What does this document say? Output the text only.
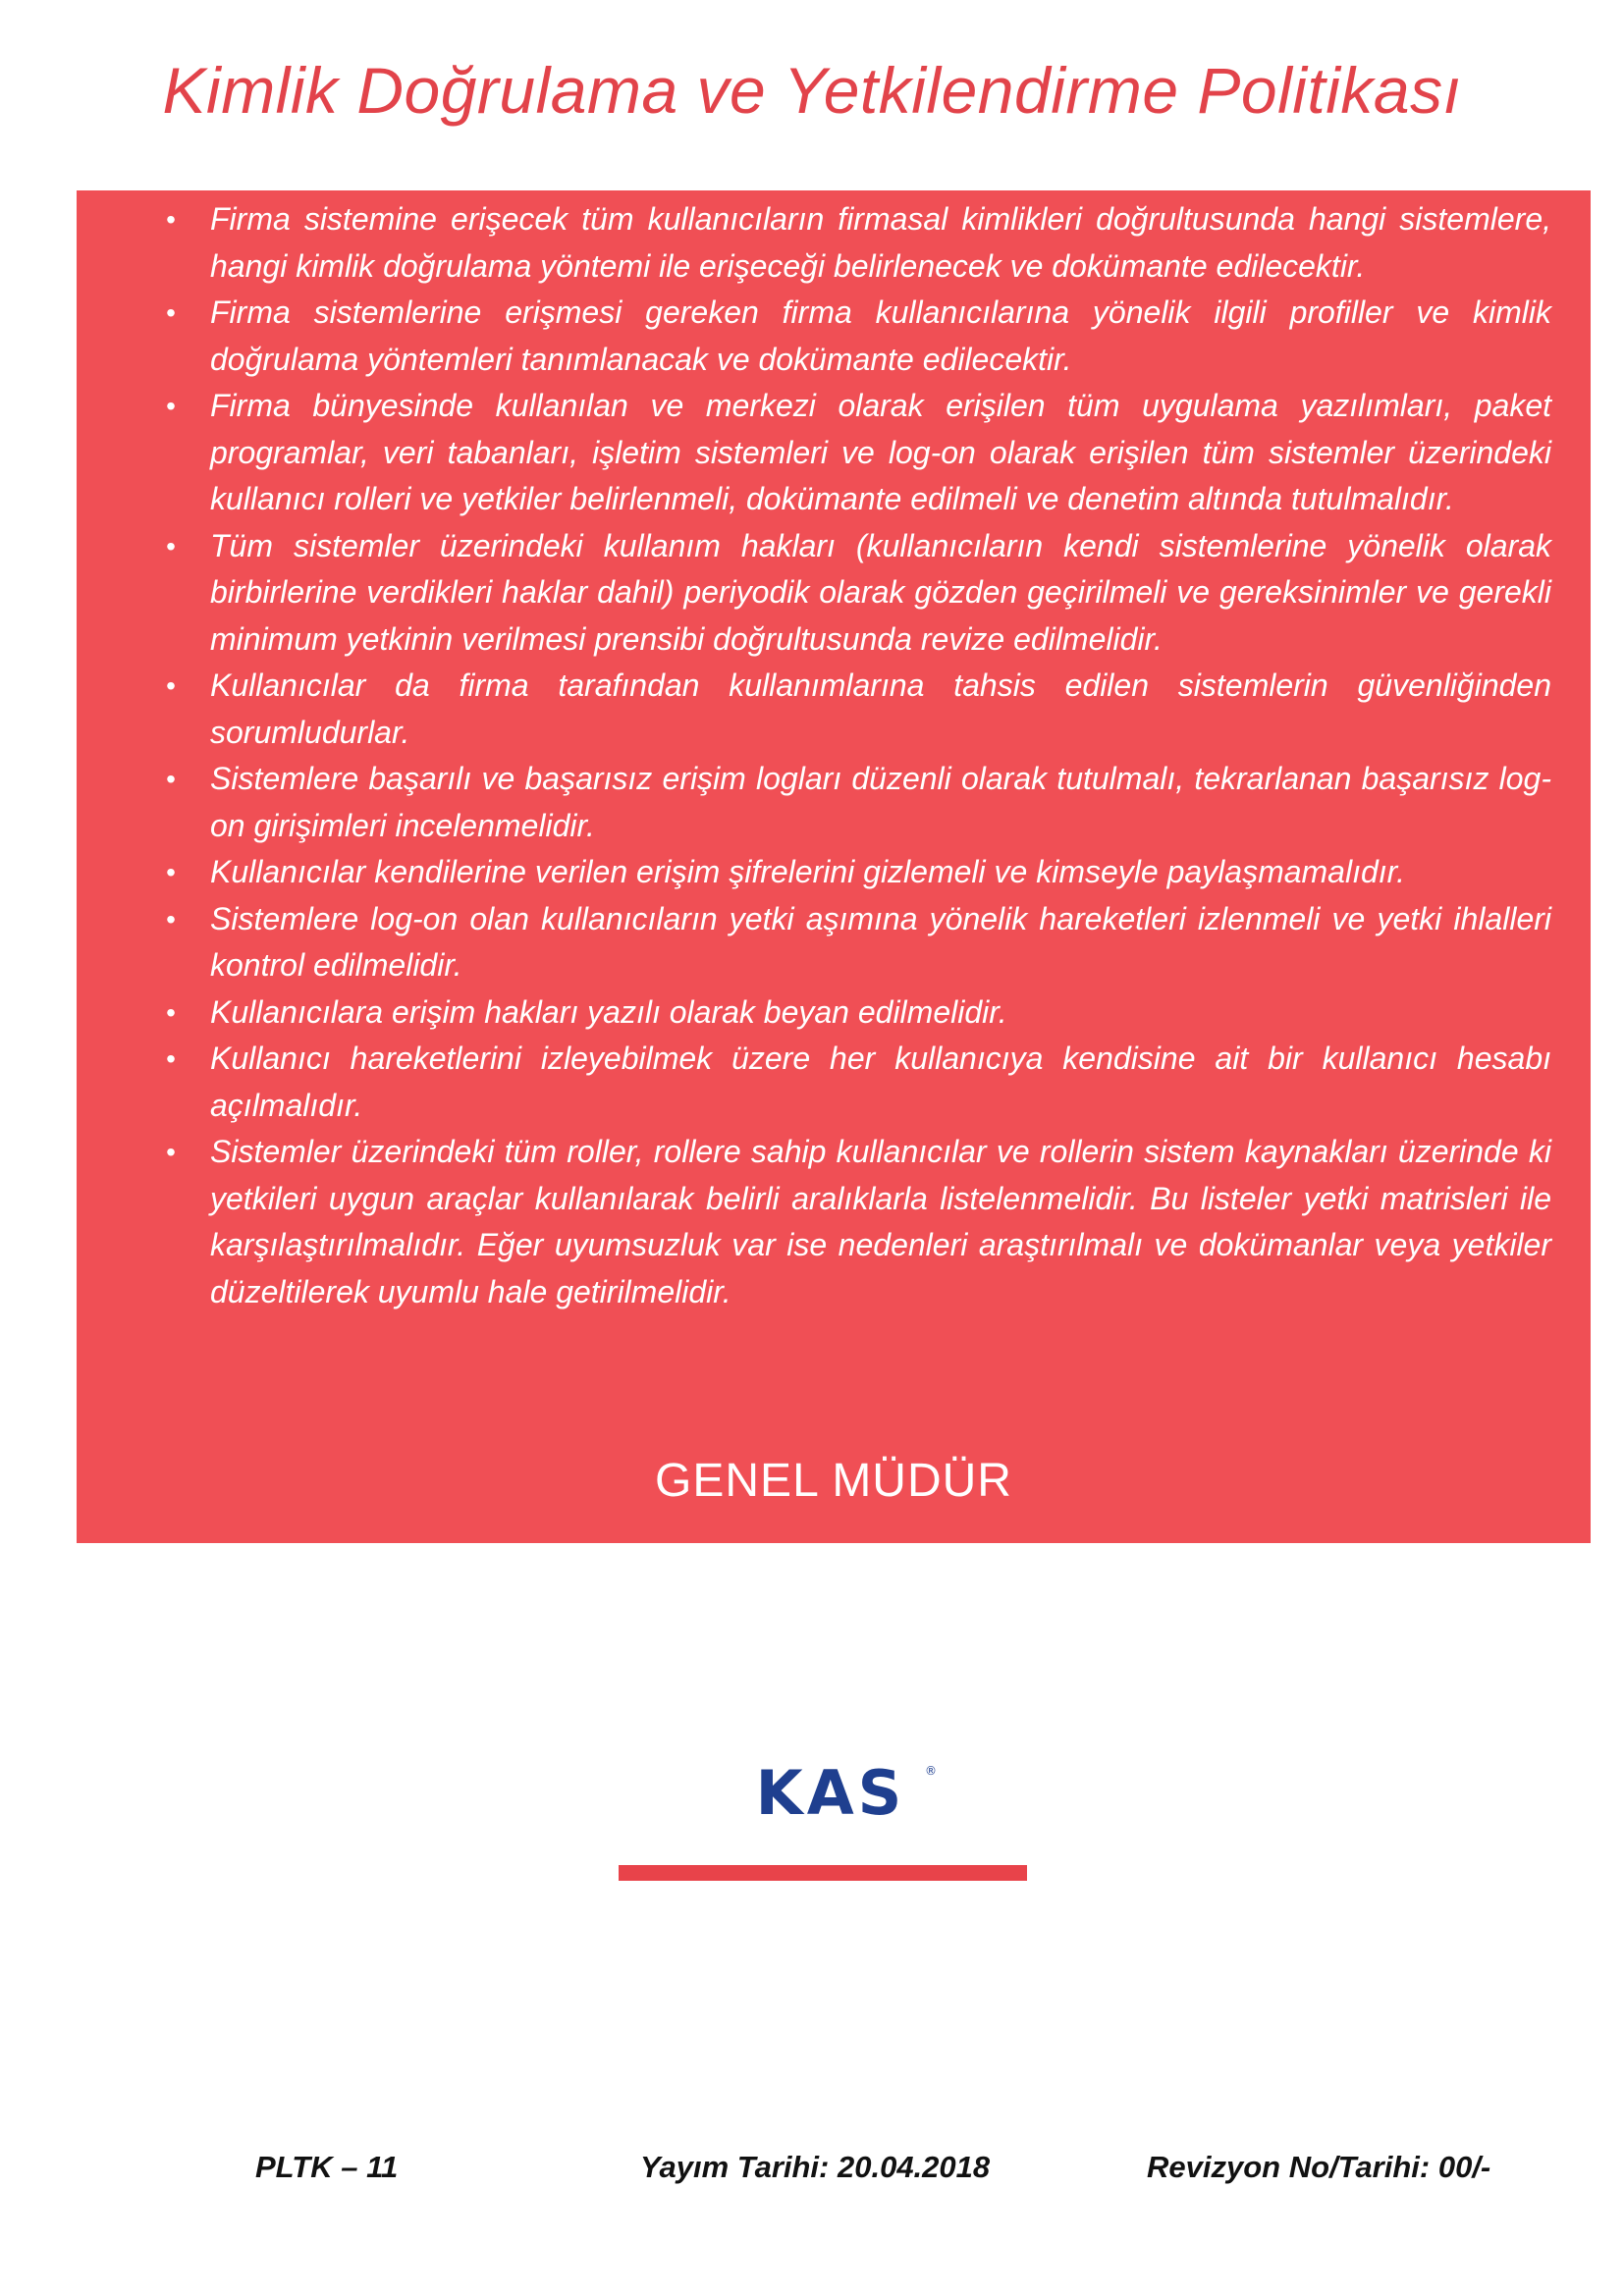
Kimlik Doğrulama ve Yetkilendirme Politikası
• Firma sistemine erişecek tüm kullanıcıların firmasal kimlikleri doğrultusunda hangi sistemlere, hangi kimlik doğrulama yöntemi ile erişeceği belirlenecek ve dokümante edilecektir.
• Firma sistemlerine erişmesi gereken firma kullanıcılarına yönelik ilgili profiller ve kimlik doğrulama yöntemleri tanımlanacak ve dokümante edilecektir.
• Firma bünyesinde kullanılan ve merkezi olarak erişilen tüm uygulama yazılımları, paket programlar, veri tabanları, işletim sistemleri ve log-on olarak erişilen tüm sistemler üzerindeki kullanıcı rolleri ve yetkiler belirlenmeli, dokümante edilmeli ve denetim altında tutulmalıdır.
• Tüm sistemler üzerindeki kullanım hakları (kullanıcıların kendi sistemlerine yönelik olarak birbirlerine verdikleri haklar dahil) periyodik olarak gözden geçirilmeli ve gereksinimler ve gerekli minimum yetkinin verilmesi prensibi doğrultusunda revize edilmelidir.
• Kullanıcılar da firma tarafından kullanımlarına tahsis edilen sistemlerin güvenliğinden sorumludurlar.
• Sistemlere başarılı ve başarısız erişim logları düzenli olarak tutulmalı, tekrarlanan başarısız log-on girişimleri incelenmelidir.
• Kullanıcılar kendilerine verilen erişim şifrelerini gizlemeli ve kimseyle paylaşmamalıdır.
• Sistemlere log-on olan kullanıcıların yetki aşımına yönelik hareketleri izlenmeli ve yetki ihlalleri kontrol edilmelidir.
• Kullanıcılara erişim hakları yazılı olarak beyan edilmelidir.
• Kullanıcı hareketlerini izleyebilmek üzere her kullanıcıya kendisine ait bir kullanıcı hesabı açılmalıdır.
• Sistemler üzerindeki tüm roller, rollere sahip kullanıcılar ve rollerin sistem kaynakları üzerinde ki yetkileri uygun araçlar kullanılarak belirli aralıklarla listelenmelidir. Bu listeler yetki matrisleri ile karşılaştırılmalıdır. Eğer uyumsuzluk var ise nedenleri araştırılmalı ve dokümanlar veya yetkiler düzeltilerek uyumlu hale getirilmelidir.
GENEL MÜDÜR
KAS ®
PLTK – 11	Yayım Tarihi: 20.04.2018	Revizyon No/Tarihi: 00/-
